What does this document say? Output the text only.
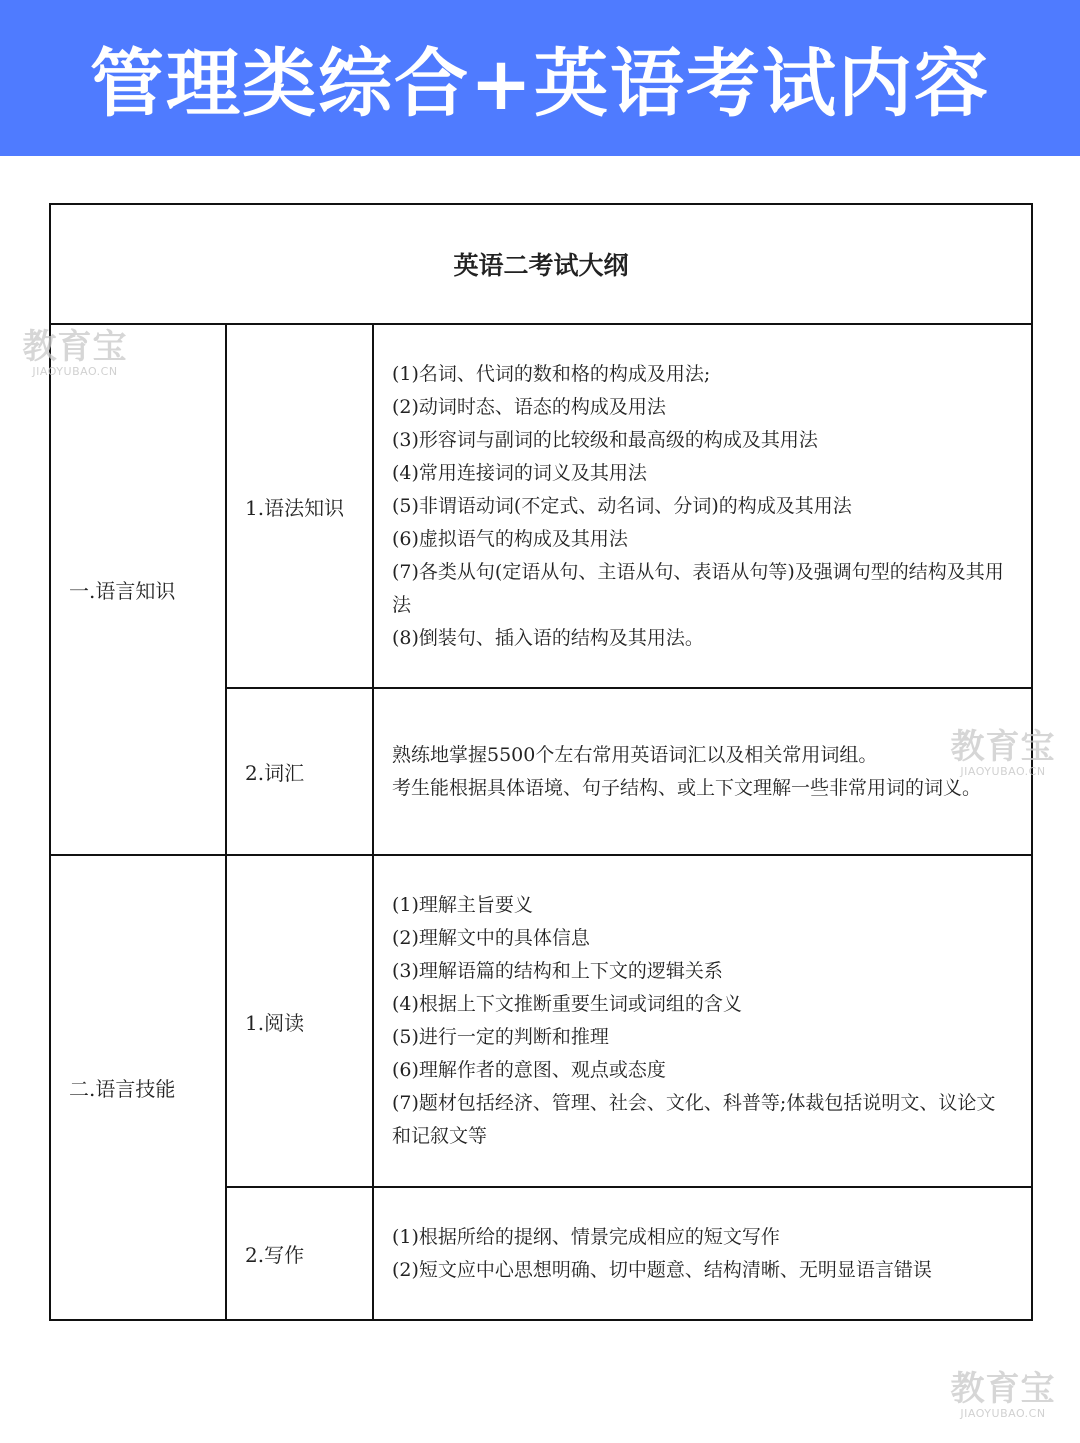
管理类综合+英语考试内容
英语二考试大纲
一.语言知识
二.语言技能
1.语法知识
2.词汇
1.阅读
2.写作
(1)名词、代词的数和格的构成及用法;
(2)动词时态、语态的构成及用法
(3)形容词与副词的比较级和最高级的构成及其用法
(4)常用连接词的词义及其用法
(5)非谓语动词(不定式、动名词、分词)的构成及其用法
(6)虚拟语气的构成及其用法
(7)各类从句(定语从句、主语从句、表语从句等)及强调句型的结构及其用法
(8)倒装句、插入语的结构及其用法。
熟练地掌握5500个左右常用英语词汇以及相关常用词组。
考生能根据具体语境、句子结构、或上下文理解一些非常用词的词义。
(1)理解主旨要义
(2)理解文中的具体信息
(3)理解语篇的结构和上下文的逻辑关系
(4)根据上下文推断重要生词或词组的含义
(5)进行一定的判断和推理
(6)理解作者的意图、观点或态度
(7)题材包括经济、管理、社会、文化、科普等;体裁包括说明文、议论文和记叙文等
(1)根据所给的提纲、情景完成相应的短文写作
(2)短文应中心思想明确、切中题意、结构清晰、无明显语言错误
教育宝
JIAOYUBAO.CN
教育宝
JIAOYUBAO.CN
教育宝
JIAOYUBAO.CN
